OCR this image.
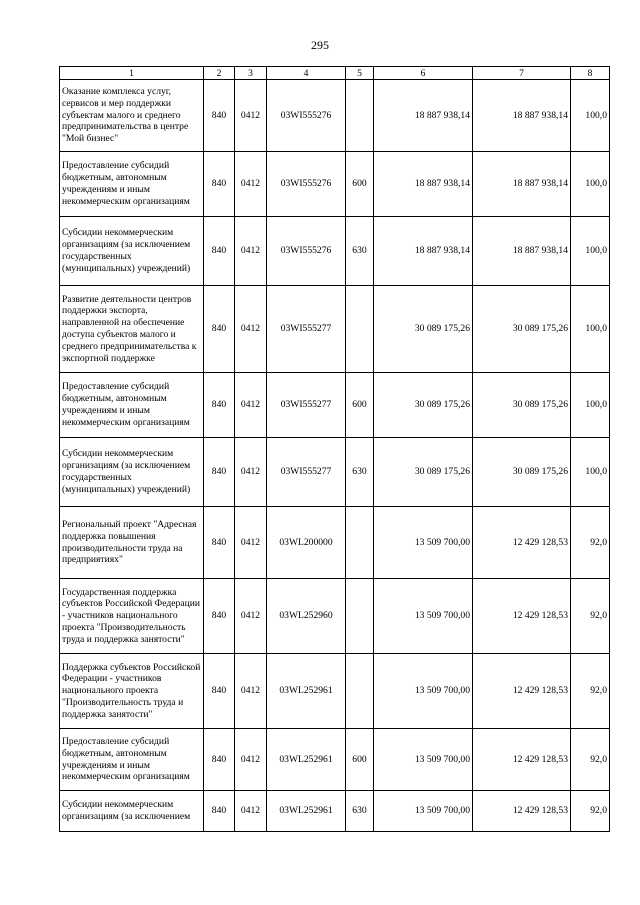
295
1	2	3	4	5	6	7	8

Оказание комплекса услуг, сервисов и мер поддержки субъектам малого и среднего предпринимательства в центре "Мой бизнес"	840	0412	03WI555276		18 887 938,14	18 887 938,14	100,0

Предоставление субсидий бюджетным, автономным учреждениям и иным некоммерческим организациям	840	0412	03WI555276	600	18 887 938,14	18 887 938,14	100,0

Субсидии некоммерческим организациям (за исключением государственных (муниципальных) учреждений)	840	0412	03WI555276	630	18 887 938,14	18 887 938,14	100,0

Развитие деятельности центров поддержки экспорта, направленной на обеспечение доступа субъектов малого и среднего предпринимательства к экспортной поддержке	840	0412	03WI555277		30 089 175,26	30 089 175,26	100,0

Предоставление субсидий бюджетным, автономным учреждениям и иным некоммерческим организациям	840	0412	03WI555277	600	30 089 175,26	30 089 175,26	100,0

Субсидии некоммерческим организациям (за исключением государственных (муниципальных) учреждений)	840	0412	03WI555277	630	30 089 175,26	30 089 175,26	100,0

Региональный проект "Адресная поддержка повышения производительности труда на предприятиях"	840	0412	03WL200000		13 509 700,00	12 429 128,53	92,0

Государственная поддержка субъектов Российской Федерации - участников национального проекта "Производительность труда и поддержка занятости"	840	0412	03WL252960		13 509 700,00	12 429 128,53	92,0

Поддержка субъектов Российской Федерации - участников национального проекта "Производительность труда и поддержка занятости"	840	0412	03WL252961		13 509 700,00	12 429 128,53	92,0

Предоставление субсидий бюджетным, автономным учреждениям и иным некоммерческим организациям	840	0412	03WL252961	600	13 509 700,00	12 429 128,53	92,0

Субсидии некоммерческим организациям (за исключением	840	0412	03WL252961	630	13 509 700,00	12 429 128,53	92,0
